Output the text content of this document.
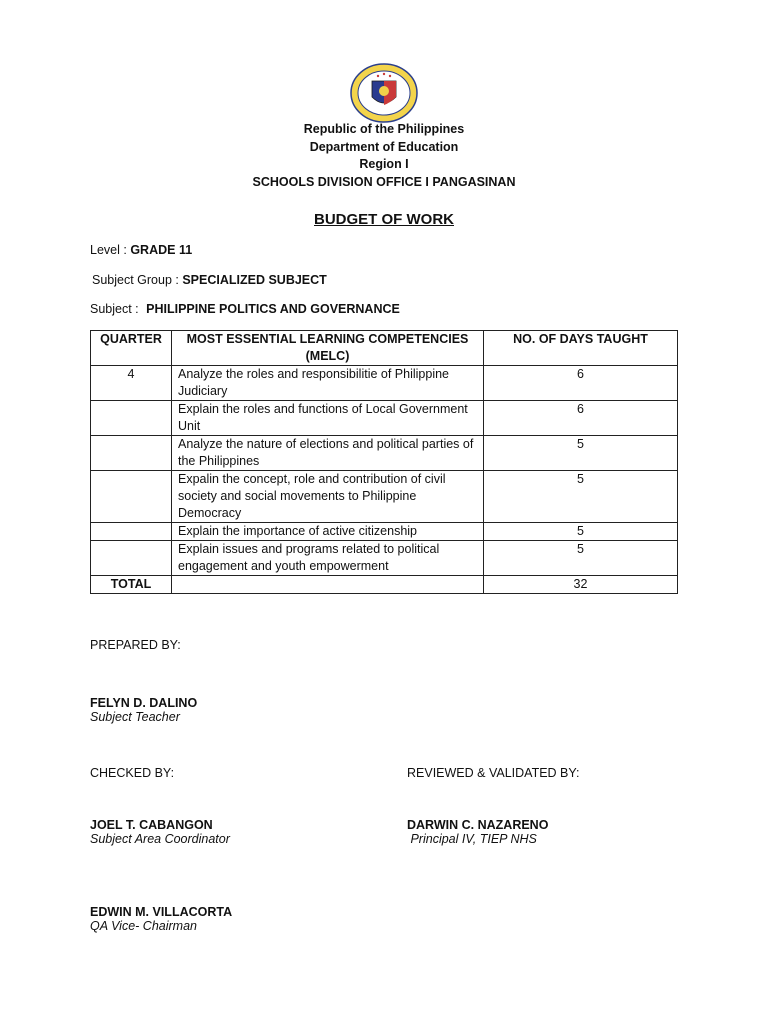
Republic of the Philippines
Department of Education
Region I
SCHOOLS DIVISION OFFICE I PANGASINAN
BUDGET OF WORK
Level : GRADE 11
Subject Group : SPECIALIZED SUBJECT
Subject : PHILIPPINE POLITICS AND GOVERNANCE
QUARTER	MOST ESSENTIAL LEARNING COMPETENCIES (MELC)	NO. OF DAYS TAUGHT
4	Analyze the roles and responsibilitie of Philippine Judiciary	6
	Explain the roles and functions of Local Government Unit	6
	Analyze the nature of elections and political parties of the Philippines	5
	Expalin the concept, role and contribution of civil society and social movements to Philippine Democracy	5
	Explain the importance of active citizenship	5
	Explain issues and programs related to political engagement and youth empowerment	5
TOTAL		32
PREPARED BY:
FELYN D. DALINO
Subject Teacher
CHECKED BY:	REVIEWED & VALIDATED BY:
JOEL T. CABANGON
Subject Area Coordinator
DARWIN C. NAZARENO
Principal IV, TIEP NHS
EDWIN M. VILLACORTA
QA Vice- Chairman
